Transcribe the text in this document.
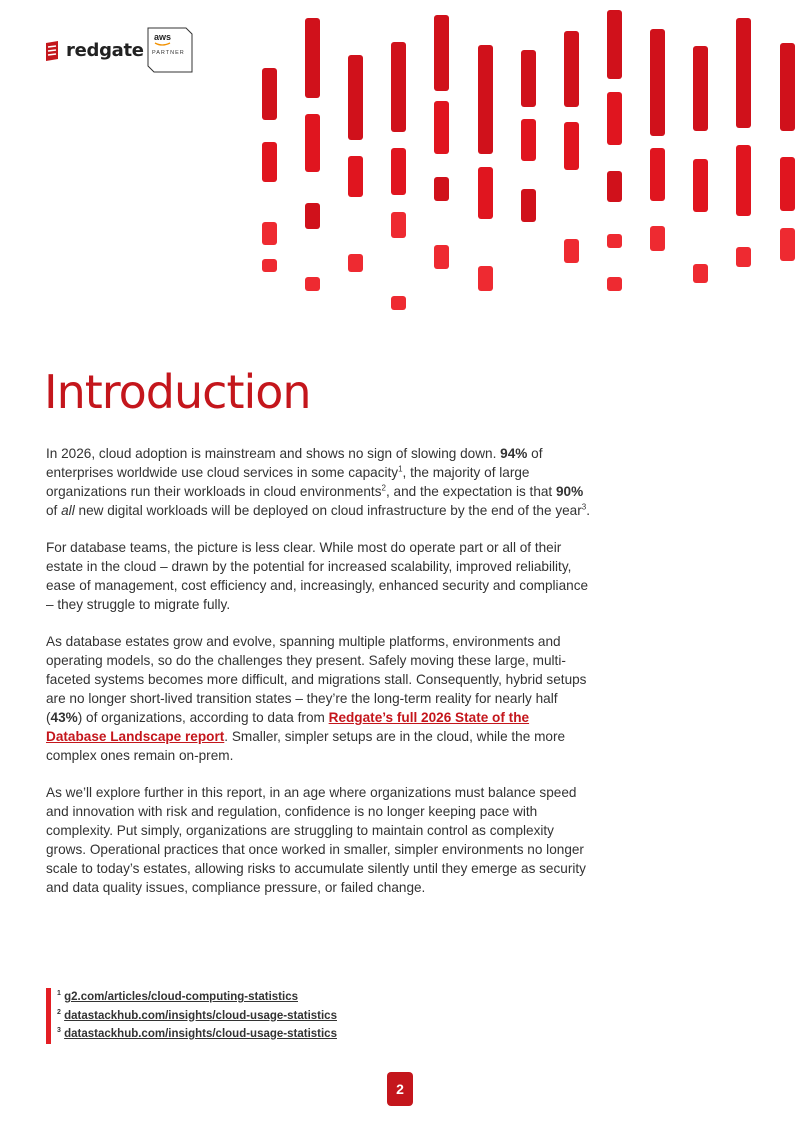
redgate
aws
PARTNER
Introduction

In 2026, cloud adoption is mainstream and shows no sign of slowing down. 94% of enterprises worldwide use cloud services in some capacity$^1$, the majority of large organizations run their workloads in cloud environments$^2$, and the expectation is that 90% of all new digital workloads will be deployed on cloud infrastructure by the end of the year$^3$.

For database teams, the picture is less clear. While most do operate part or all of their estate in the cloud – drawn by the potential for increased scalability, improved reliability, ease of management, cost efficiency and, increasingly, enhanced security and compliance – they struggle to migrate fully.

As database estates grow and evolve, spanning multiple platforms, environments and operating models, so do the challenges they present. Safely moving these large, multi-faceted systems becomes more difficult, and migrations stall. Consequently, hybrid setups are no longer short-lived transition states – they’re the long-term reality for nearly half (43%) of organizations, according to data from Redgate’s full 2026 State of the Database Landscape report. Smaller, simpler setups are in the cloud, while the more complex ones remain on-prem.

As we’ll explore further in this report, in an age where organizations must balance speed and innovation with risk and regulation, confidence is no longer keeping pace with complexity. Put simply, organizations are struggling to maintain control as complexity grows. Operational practices that once worked in smaller, simpler environments no longer scale to today’s estates, allowing risks to accumulate silently until they emerge as security and data quality issues, compliance pressure, or failed change.

$^1$ g2.com/articles/cloud-computing-statistics
$^2$ datastackhub.com/insights/cloud-usage-statistics
$^3$ datastackhub.com/insights/cloud-usage-statistics
2
